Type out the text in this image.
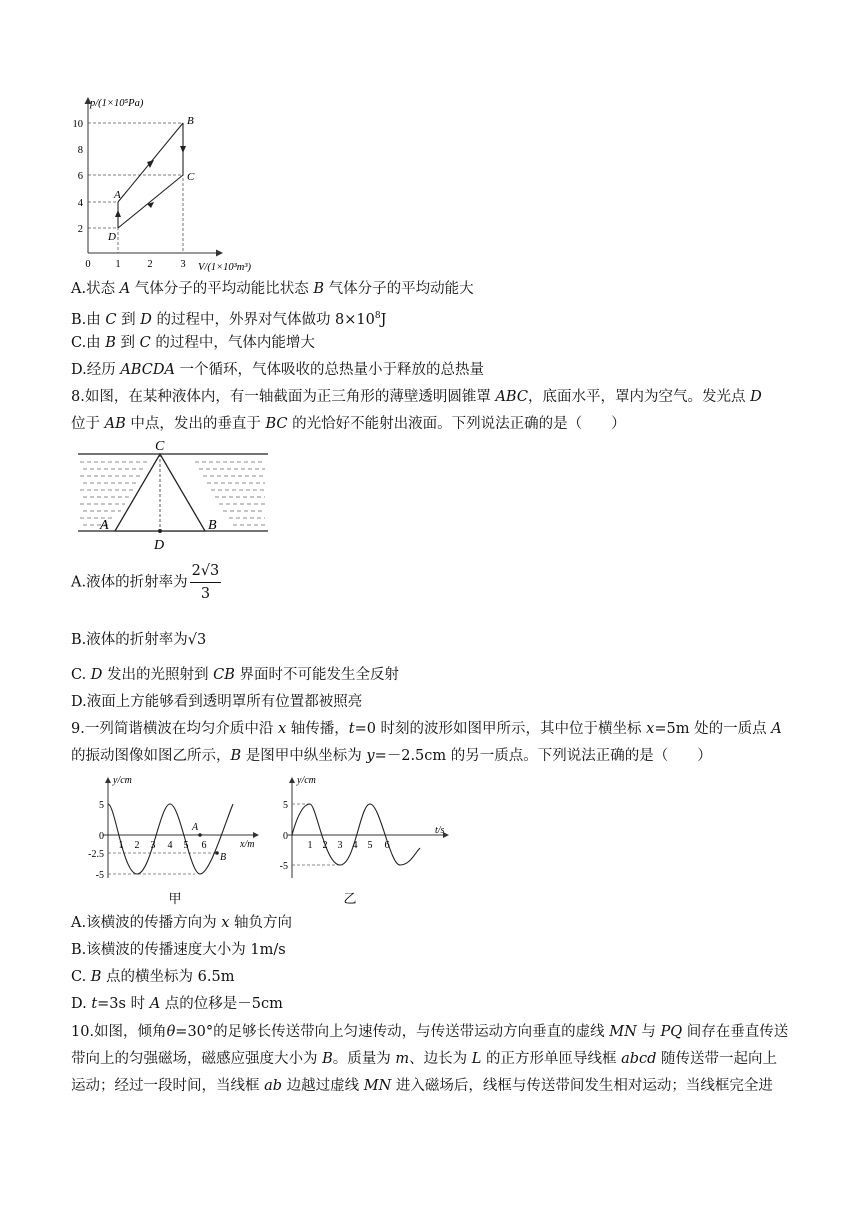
p/(1×10⁵Pa)
V/(1×10³m³)
10
8
6
4
2
0 1	2	3
A
B
C
D
A.状态 A 气体分子的平均动能比状态 B 气体分子的平均动能大
B.由 C 到 D 的过程中，外界对气体做功 $8\times 10^8J$
C.由 B 到 C 的过程中，气体内能增大
D.经历 ABCDA 一个循环，气体吸收的总热量小于释放的总热量
8.如图，在某种液体内，有一轴截面为正三角形的薄壁透明圆锥罩 ABC，底面水平，罩内为空气。发光点 D
位于 AB 中点，发出的垂直于 BC 的光恰好不能射出液面。下列说法正确的是（　　）
C
A	B
D
A.液体的折射率为 $\frac{2√3}{3}$
B.液体的折射率为√3
C. D 发出的光照射到 CB 界面时不可能发生全反射
D.液面上方能够看到透明罩所有位置都被照亮
9.一列简谐横波在均匀介质中沿 x 轴传播，t=0 时刻的波形如图甲所示，其中位于横坐标 x=5m 处的一质点 A
的振动图像如图乙所示，B 是图甲中纵坐标为 y=－2.5cm 的另一质点。下列说法正确的是（　　）
y/cm
x/m
A
B
5
0
-2.5
-5
1 2 3 4 5 6
甲
y/cm
t/s
5
0
-5
1 2 3 4 5 6
乙
A.该横波的传播方向为 x 轴负方向
B.该横波的传播速度大小为 1m/s
C. B 点的横坐标为 6.5m
D. t=3s 时 A 点的位移是－5cm
10.如图，倾角θ=30°的足够长传送带向上匀速传动，与传送带运动方向垂直的虚线 MN 与 PQ 间存在垂直传送
带向上的匀强磁场，磁感应强度大小为 B。质量为 m、边长为 L 的正方形单匝导线框 abcd 随传送带一起向上
运动；经过一段时间，当线框 ab 边越过虚线 MN 进入磁场后，线框与传送带间发生相对运动；当线框完全进
